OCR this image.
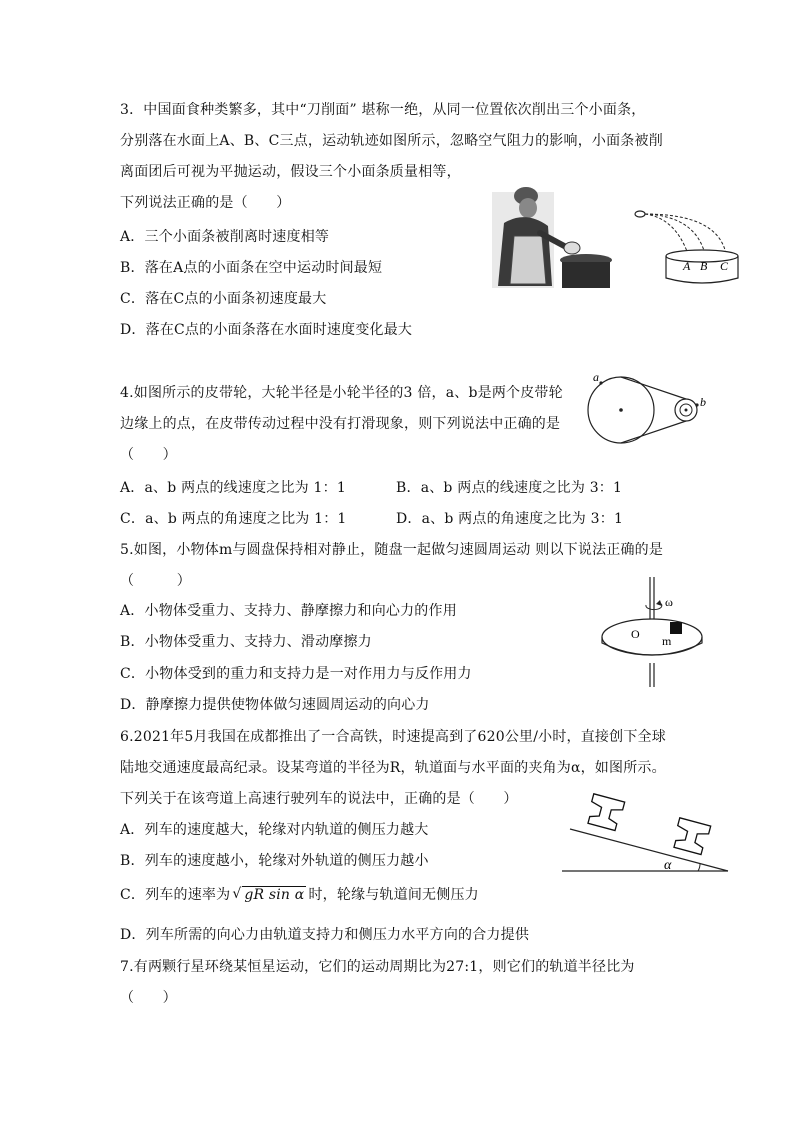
3．中国面食种类繁多，其中“刀削面” 堪称一绝，从同一位置依次削出三个小面条，
分别落在水面上A、B、C三点，运动轨迹如图所示，忽略空气阻力的影响，小面条被削
离面团后可视为平抛运动，假设三个小面条质量相等，
下列说法正确的是（　　）
A．三个小面条被削离时速度相等
B．落在A点的小面条在空中运动时间最短
C．落在C点的小面条初速度最大
D．落在C点的小面条落在水面时速度变化最大
A B C
4.如图所示的皮带轮，大轮半径是小轮半径的3 倍，a、b是两个皮带轮
边缘上的点，在皮带传动过程中没有打滑现象，则下列说法中正确的是
（　　）
A．a、b 两点的线速度之比为 1：1	B．a、b 两点的线速度之比为 3：1
C．a、b 两点的角速度之比为 1：1	D．a、b 两点的角速度之比为 3：1
a
b
5.如图，小物体m与圆盘保持相对静止，随盘一起做匀速圆周运动 则以下说法正确的是
（　　　）
A．小物体受重力、支持力、静摩擦力和向心力的作用
B．小物体受重力、支持力、滑动摩擦力
C．小物体受到的重力和支持力是一对作用力与反作用力
D．静摩擦力提供使物体做匀速圆周运动的向心力
ω
O m
6.2021年5月我国在成都推出了一合高铁，时速提高到了620公里/小时，直接创下全球
陆地交通速度最高纪录。设某弯道的半径为R，轨道面与水平面的夹角为α，如图所示。
下列关于在该弯道上高速行驶列车的说法中，正确的是（　　）
A．列车的速度越大，轮缘对内轨道的侧压力越大
B．列车的速度越小，轮缘对外轨道的侧压力越小
C．列车的速率为 √ gR sin α 时，轮缘与轨道间无侧压力
D．列车所需的向心力由轨道支持力和侧压力水平方向的合力提供
α
7.有两颗行星环绕某恒星运动，它们的运动周期比为27:1，则它们的轨道半径比为
（　　）
